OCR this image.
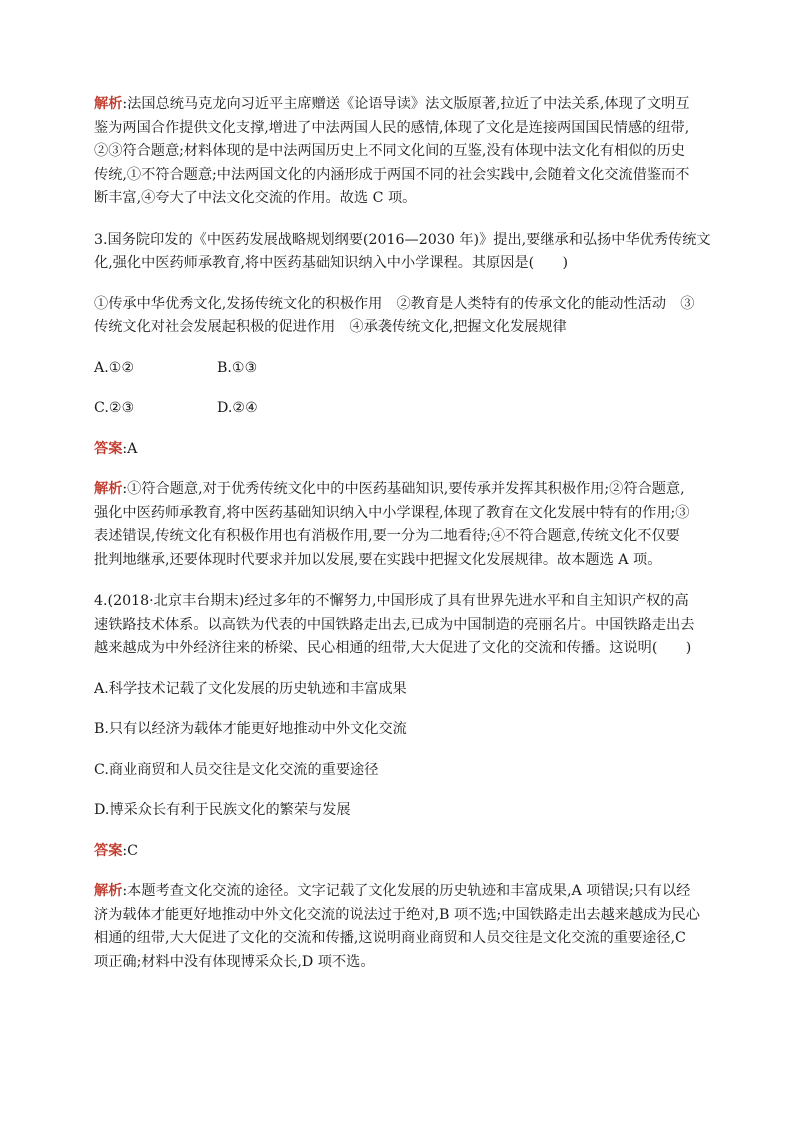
解析:法国总统马克龙向习近平主席赠送《论语导读》法文版原著,拉近了中法关系,体现了文明互
鉴为两国合作提供文化支撑,增进了中法两国人民的感情,体现了文化是连接两国国民情感的纽带,
②③符合题意;材料体现的是中法两国历史上不同文化间的互鉴,没有体现中法文化有相似的历史
传统,①不符合题意;中法两国文化的内涵形成于两国不同的社会实践中,会随着文化交流借鉴而不
断丰富,④夸大了中法文化交流的作用。故选 C 项。

3.国务院印发的《中医药发展战略规划纲要(2016—2030 年)》提出,要继承和弘扬中华优秀传统文
化,强化中医药师承教育,将中医药基础知识纳入中小学课程。其原因是(　　)

①传承中华优秀文化,发扬传统文化的积极作用　②教育是人类特有的传承文化的能动性活动　③
传统文化对社会发展起积极的促进作用　④承袭传统文化,把握文化发展规律

A.①②	B.①③
C.②③	D.②④

答案:A

解析:①符合题意,对于优秀传统文化中的中医药基础知识,要传承并发挥其积极作用;②符合题意,
强化中医药师承教育,将中医药基础知识纳入中小学课程,体现了教育在文化发展中特有的作用;③
表述错误,传统文化有积极作用也有消极作用,要一分为二地看待;④不符合题意,传统文化不仅要
批判地继承,还要体现时代要求并加以发展,要在实践中把握文化发展规律。故本题选 A 项。

4.(2018·北京丰台期末)经过多年的不懈努力,中国形成了具有世界先进水平和自主知识产权的高
速铁路技术体系。以高铁为代表的中国铁路走出去,已成为中国制造的亮丽名片。中国铁路走出去
越来越成为中外经济往来的桥梁、民心相通的纽带,大大促进了文化的交流和传播。这说明(　　)

A.科学技术记载了文化发展的历史轨迹和丰富成果

B.只有以经济为载体才能更好地推动中外文化交流

C.商业商贸和人员交往是文化交流的重要途径

D.博采众长有利于民族文化的繁荣与发展

答案:C

解析:本题考查文化交流的途径。文字记载了文化发展的历史轨迹和丰富成果,A 项错误;只有以经
济为载体才能更好地推动中外文化交流的说法过于绝对,B 项不选;中国铁路走出去越来越成为民心
相通的纽带,大大促进了文化的交流和传播,这说明商业商贸和人员交往是文化交流的重要途径,C
项正确;材料中没有体现博采众长,D 项不选。
